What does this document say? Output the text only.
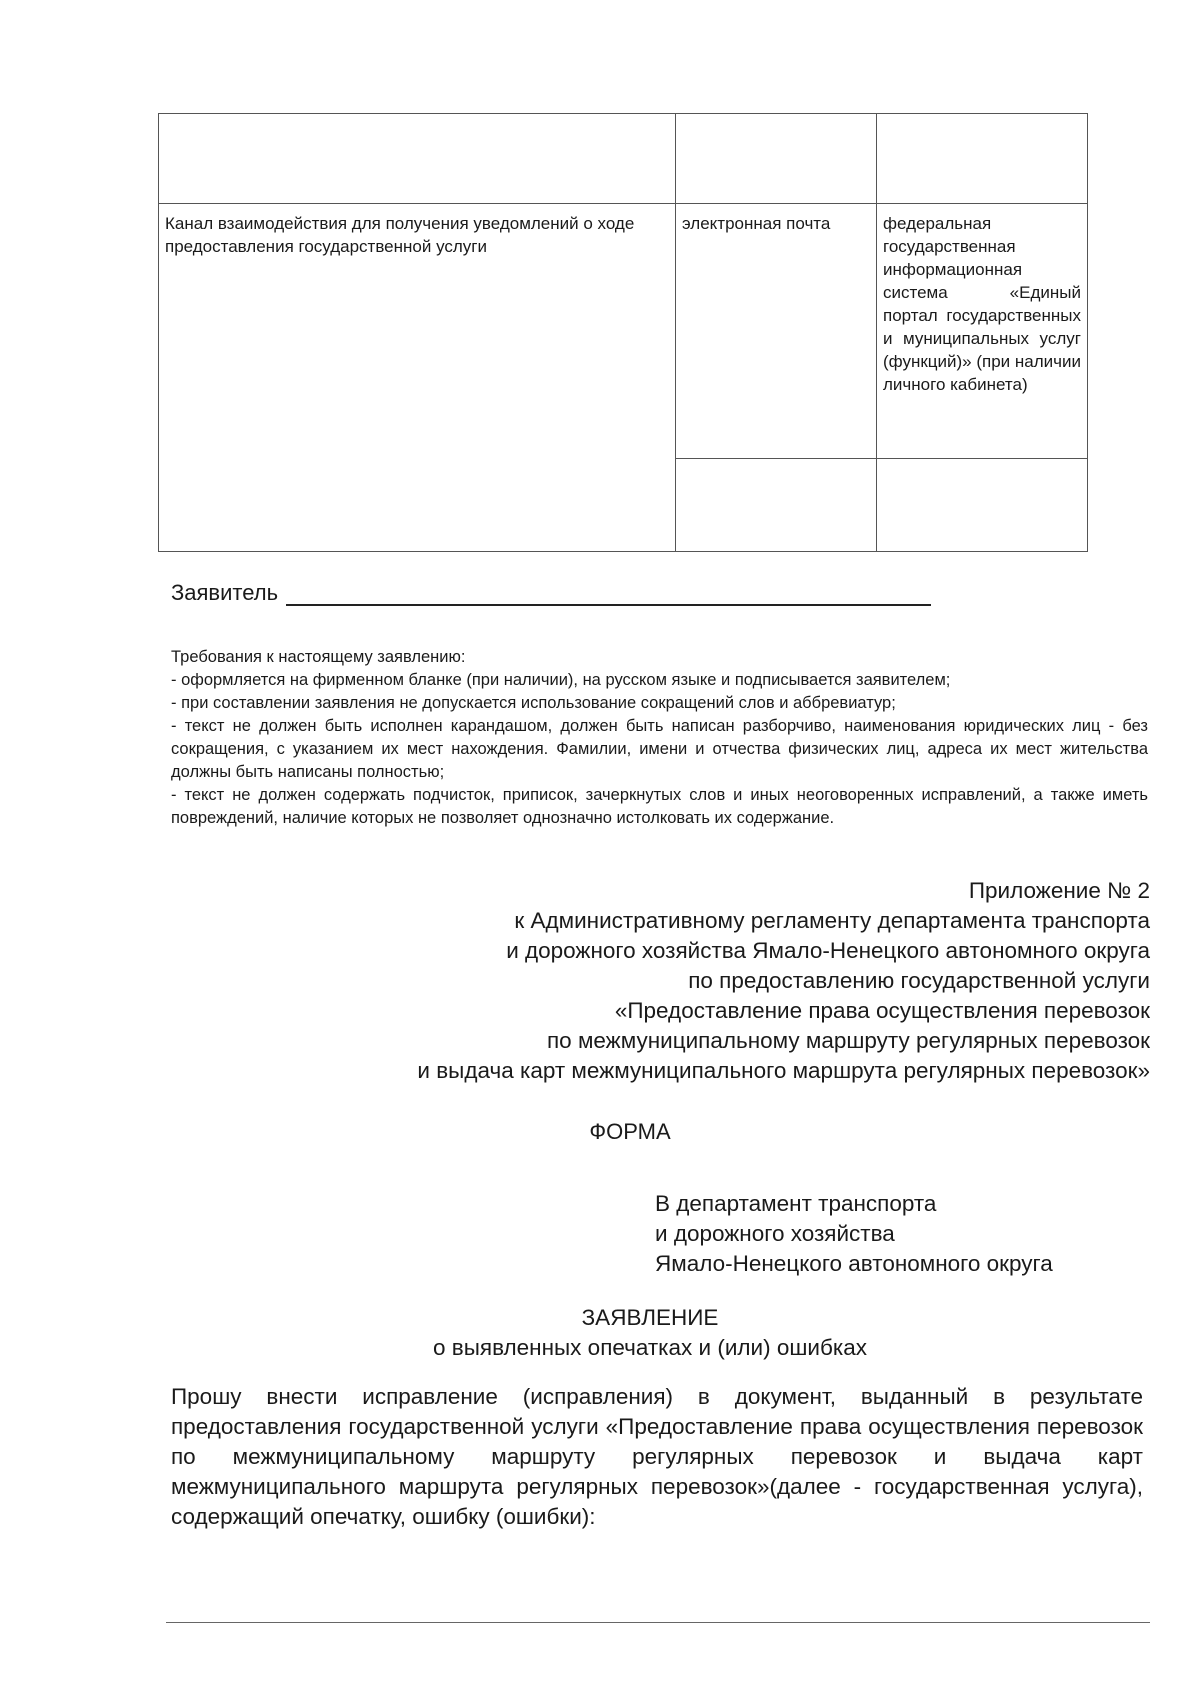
Канал взаимодействия для получения уведомлений о ходе предоставления государственной услуги	электронная почта	федеральная государственная информационная система «Единый портал государственных и муниципальных услуг (функций)» (при наличии личного кабинета)

Заявитель

Требования к настоящему заявлению:

- оформляется на фирменном бланке (при наличии), на русском языке и подписывается заявителем;

- при составлении заявления не допускается использование сокращений слов и аббревиатур;

- текст не должен быть исполнен карандашом, должен быть написан разборчиво, наименования юридических лиц - без сокращения, с указанием их мест нахождения. Фамилии, имени и отчества физических лиц, адреса их мест жительства должны быть написаны полностью;

- текст не должен содержать подчисток, приписок, зачеркнутых слов и иных неоговоренных исправлений, а также иметь повреждений, наличие которых не позволяет однозначно истолковать их содержание.

Приложение № 2

к Административному регламенту департамента транспорта

и дорожного хозяйства Ямало-Ненецкого автономного округа

по предоставлению государственной услуги

«Предоставление права осуществления перевозок

по межмуниципальному маршруту регулярных перевозок

и выдача карт межмуниципального маршрута регулярных перевозок»

ФОРМА

В департамент транспорта

и дорожного хозяйства

Ямало-Ненецкого автономного округа

ЗАЯВЛЕНИЕ

о выявленных опечатках и (или) ошибках

Прошу внести исправление (исправления) в документ, выданный в результате предоставления государственной услуги «Предоставление права осуществления перевозок по межмуниципальному маршруту регулярных перевозок и выдача карт межмуниципального маршрута регулярных перевозок»(далее - государственная услуга), содержащий опечатку, ошибку (ошибки):
